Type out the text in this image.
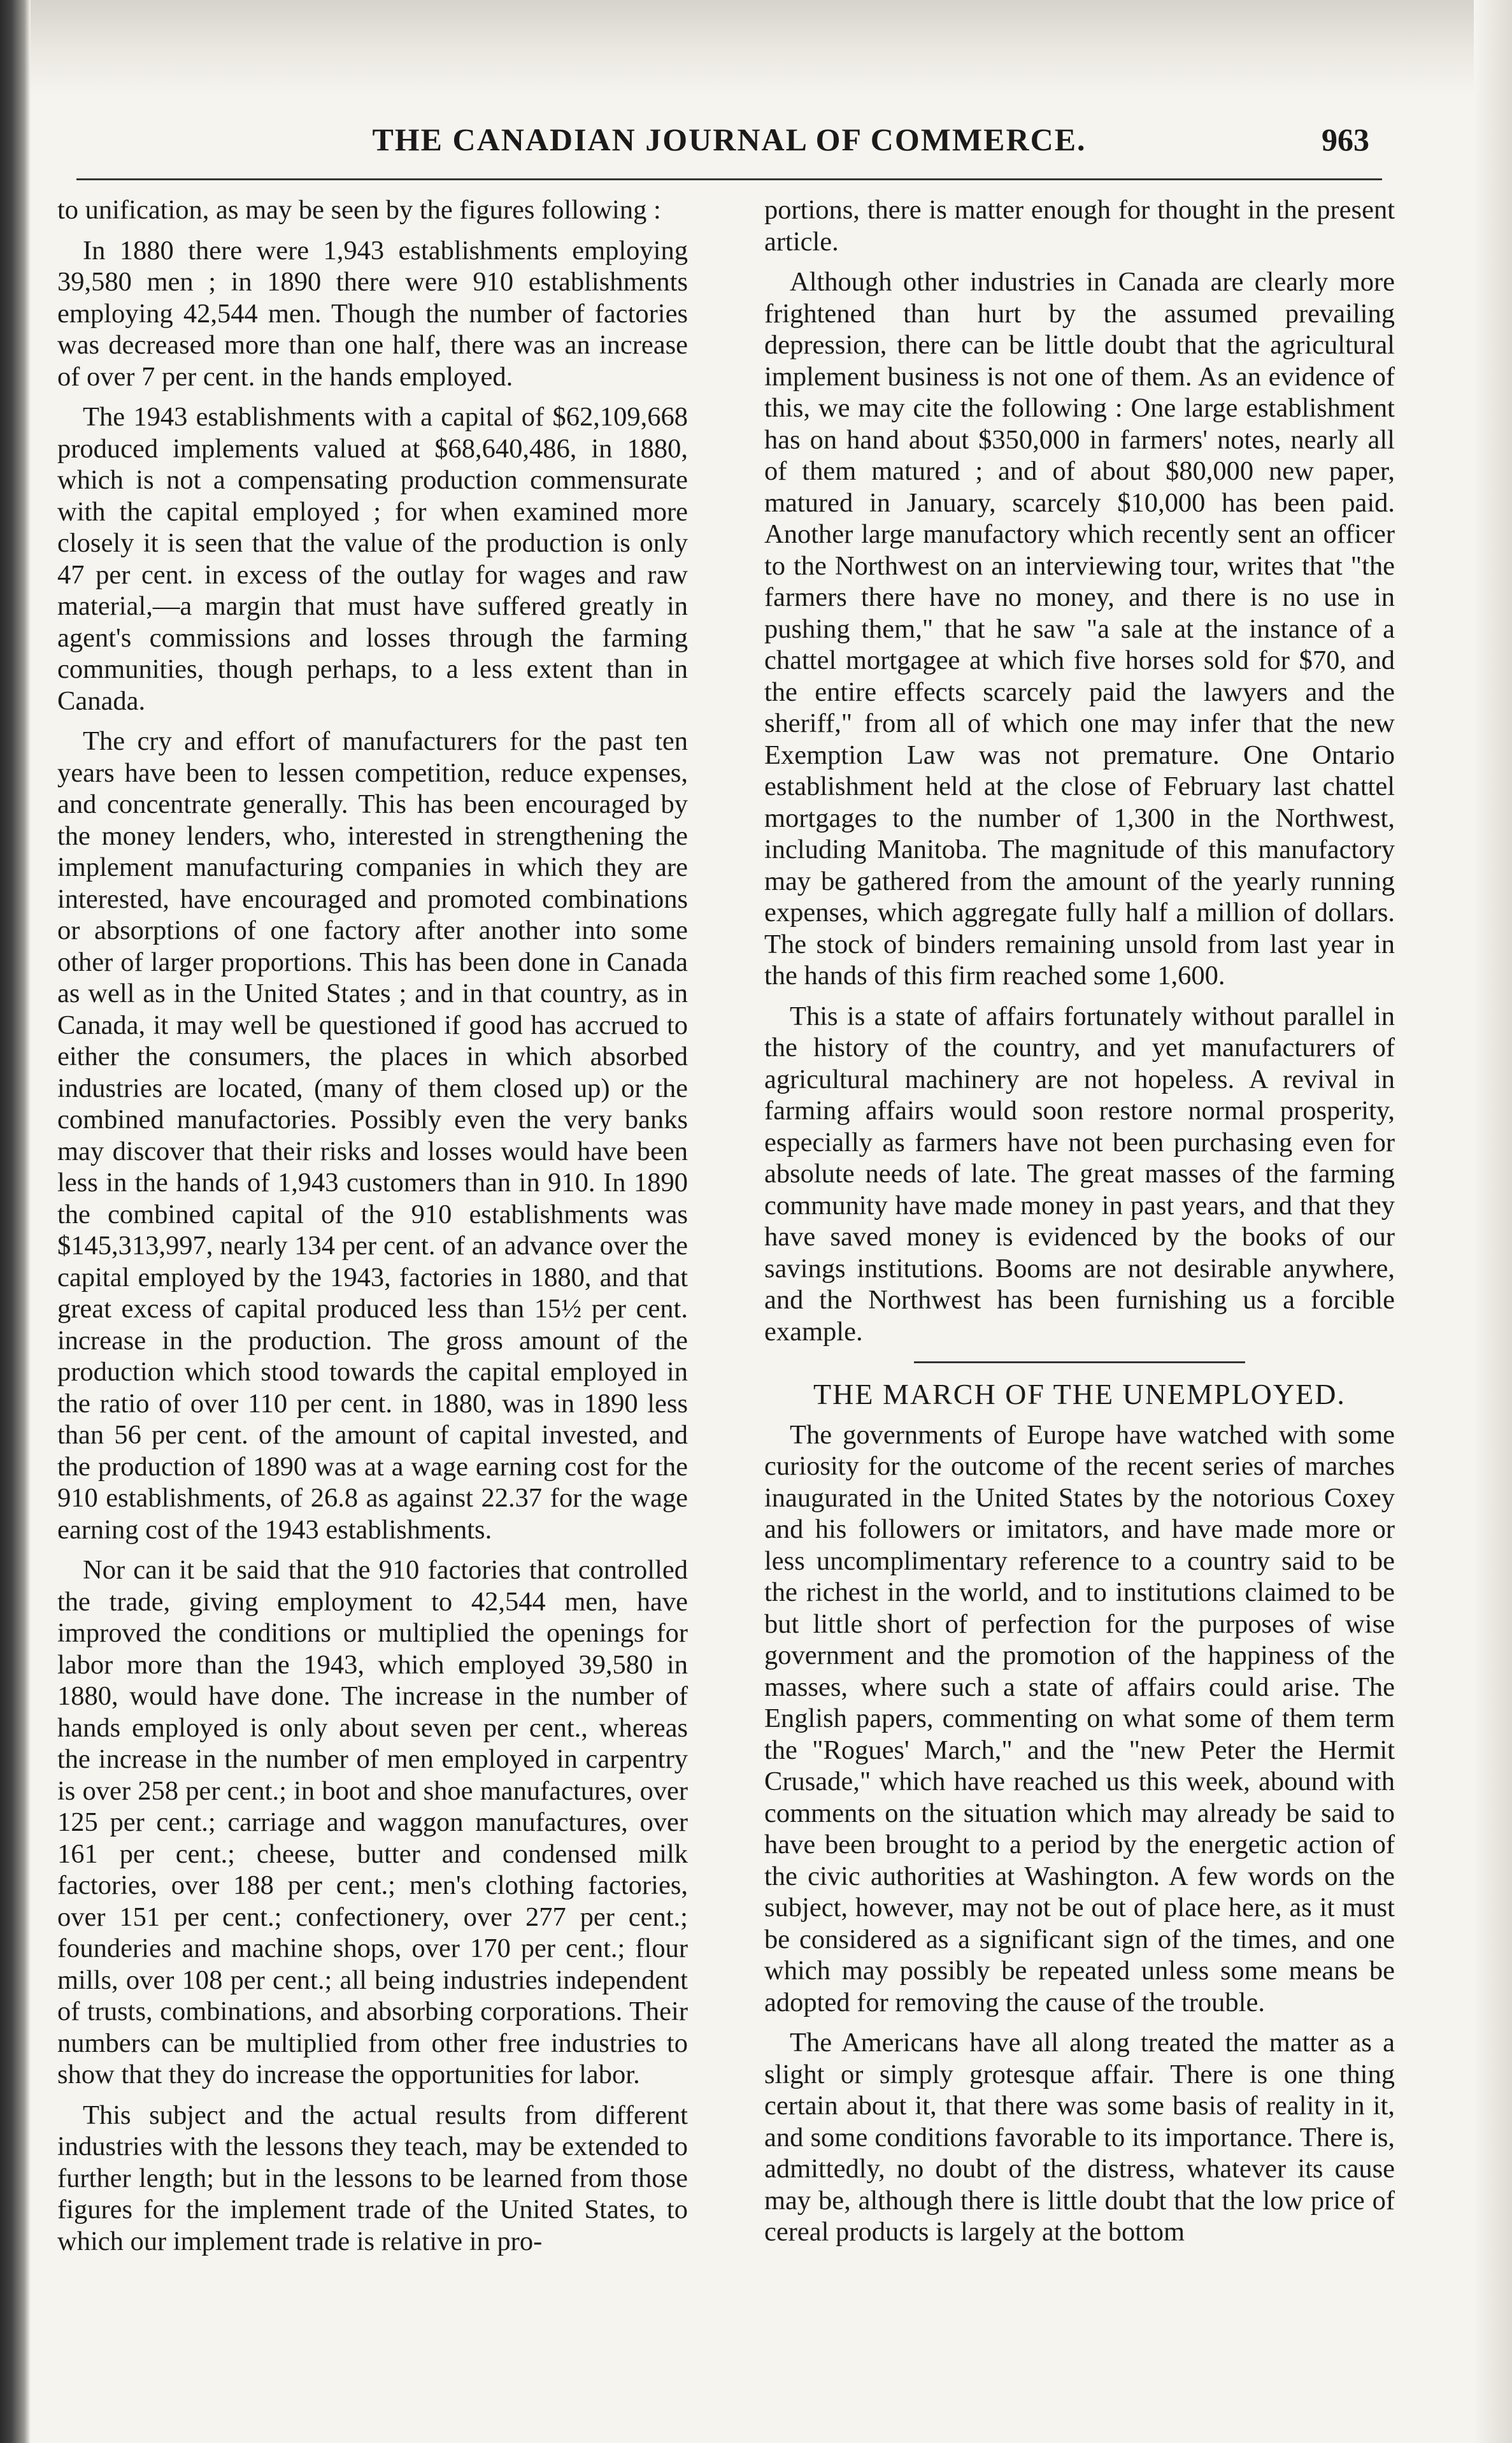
THE CANADIAN JOURNAL OF COMMERCE.	963

to unification, as may be seen by the figures following :

In 1880 there were 1,943 establishments employing 39,580 men ; in 1890 there were 910 establishments employing 42,544 men. Though the number of factories was decreased more than one half, there was an increase of over 7 per cent. in the hands employed.

The 1943 establishments with a capital of $62,109,668 produced implements valued at $68,640,486, in 1880, which is not a compensating production commensurate with the capital employed ; for when examined more closely it is seen that the value of the production is only 47 per cent. in excess of the outlay for wages and raw material,—a margin that must have suffered greatly in agent's commissions and losses through the farming communities, though perhaps, to a less extent than in Canada.

The cry and effort of manufacturers for the past ten years have been to lessen competition, reduce expenses, and concentrate generally. This has been encouraged by the money lenders, who, interested in strengthening the implement manufacturing companies in which they are interested, have encouraged and promoted combinations or absorptions of one factory after another into some other of larger proportions. This has been done in Canada as well as in the United States ; and in that country, as in Canada, it may well be questioned if good has accrued to either the consumers, the places in which absorbed industries are located, (many of them closed up) or the combined manufactories. Possibly even the very banks may discover that their risks and losses would have been less in the hands of 1,943 customers than in 910. In 1890 the combined capital of the 910 establishments was $145,313,997, nearly 134 per cent. of an advance over the capital employed by the 1943, factories in 1880, and that great excess of capital produced less than 15½ per cent. increase in the production. The gross amount of the production which stood towards the capital employed in the ratio of over 110 per cent. in 1880, was in 1890 less than 56 per cent. of the amount of capital invested, and the production of 1890 was at a wage earning cost for the 910 establishments, of 26.8 as against 22.37 for the wage earning cost of the 1943 establishments.

Nor can it be said that the 910 factories that controlled the trade, giving employment to 42,544 men, have improved the conditions or multiplied the openings for labor more than the 1943, which employed 39,580 in 1880, would have done. The increase in the number of hands employed is only about seven per cent., whereas the increase in the number of men employed in carpentry is over 258 per cent.; in boot and shoe manufactures, over 125 per cent.; carriage and waggon manufactures, over 161 per cent.; cheese, butter and condensed milk factories, over 188 per cent.; men's clothing factories, over 151 per cent.; confectionery, over 277 per cent.; founderies and machine shops, over 170 per cent.; flour mills, over 108 per cent.; all being industries independent of trusts, combinations, and absorbing corporations. Their numbers can be multiplied from other free industries to show that they do increase the opportunities for labor.

This subject and the actual results from different industries with the lessons they teach, may be extended to further length; but in the lessons to be learned from those figures for the implement trade of the United States, to which our implement trade is relative in pro-

portions, there is matter enough for thought in the present article.

Although other industries in Canada are clearly more frightened than hurt by the assumed prevailing depression, there can be little doubt that the agricultural implement business is not one of them. As an evidence of this, we may cite the following : One large establishment has on hand about $350,000 in farmers' notes, nearly all of them matured ; and of about $80,000 new paper, matured in January, scarcely $10,000 has been paid. Another large manufactory which recently sent an officer to the Northwest on an interviewing tour, writes that "the farmers there have no money, and there is no use in pushing them," that he saw "a sale at the instance of a chattel mortgagee at which five horses sold for $70, and the entire effects scarcely paid the lawyers and the sheriff," from all of which one may infer that the new Exemption Law was not premature. One Ontario establishment held at the close of February last chattel mortgages to the number of 1,300 in the Northwest, including Manitoba. The magnitude of this manufactory may be gathered from the amount of the yearly running expenses, which aggregate fully half a million of dollars. The stock of binders remaining unsold from last year in the hands of this firm reached some 1,600.

This is a state of affairs fortunately without parallel in the history of the country, and yet manufacturers of agricultural machinery are not hopeless. A revival in farming affairs would soon restore normal prosperity, especially as farmers have not been purchasing even for absolute needs of late. The great masses of the farming community have made money in past years, and that they have saved money is evidenced by the books of our savings institutions. Booms are not desirable anywhere, and the Northwest has been furnishing us a forcible example.

THE MARCH OF THE UNEMPLOYED.

The governments of Europe have watched with some curiosity for the outcome of the recent series of marches inaugurated in the United States by the notorious Coxey and his followers or imitators, and have made more or less uncomplimentary reference to a country said to be the richest in the world, and to institutions claimed to be but little short of perfection for the purposes of wise government and the promotion of the happiness of the masses, where such a state of affairs could arise. The English papers, commenting on what some of them term the "Rogues' March," and the "new Peter the Hermit Crusade," which have reached us this week, abound with comments on the situation which may already be said to have been brought to a period by the energetic action of the civic authorities at Washington. A few words on the subject, however, may not be out of place here, as it must be considered as a significant sign of the times, and one which may possibly be repeated unless some means be adopted for removing the cause of the trouble.

The Americans have all along treated the matter as a slight or simply grotesque affair. There is one thing certain about it, that there was some basis of reality in it, and some conditions favorable to its importance. There is, admittedly, no doubt of the distress, whatever its cause may be, although there is little doubt that the low price of cereal products is largely at the bottom
